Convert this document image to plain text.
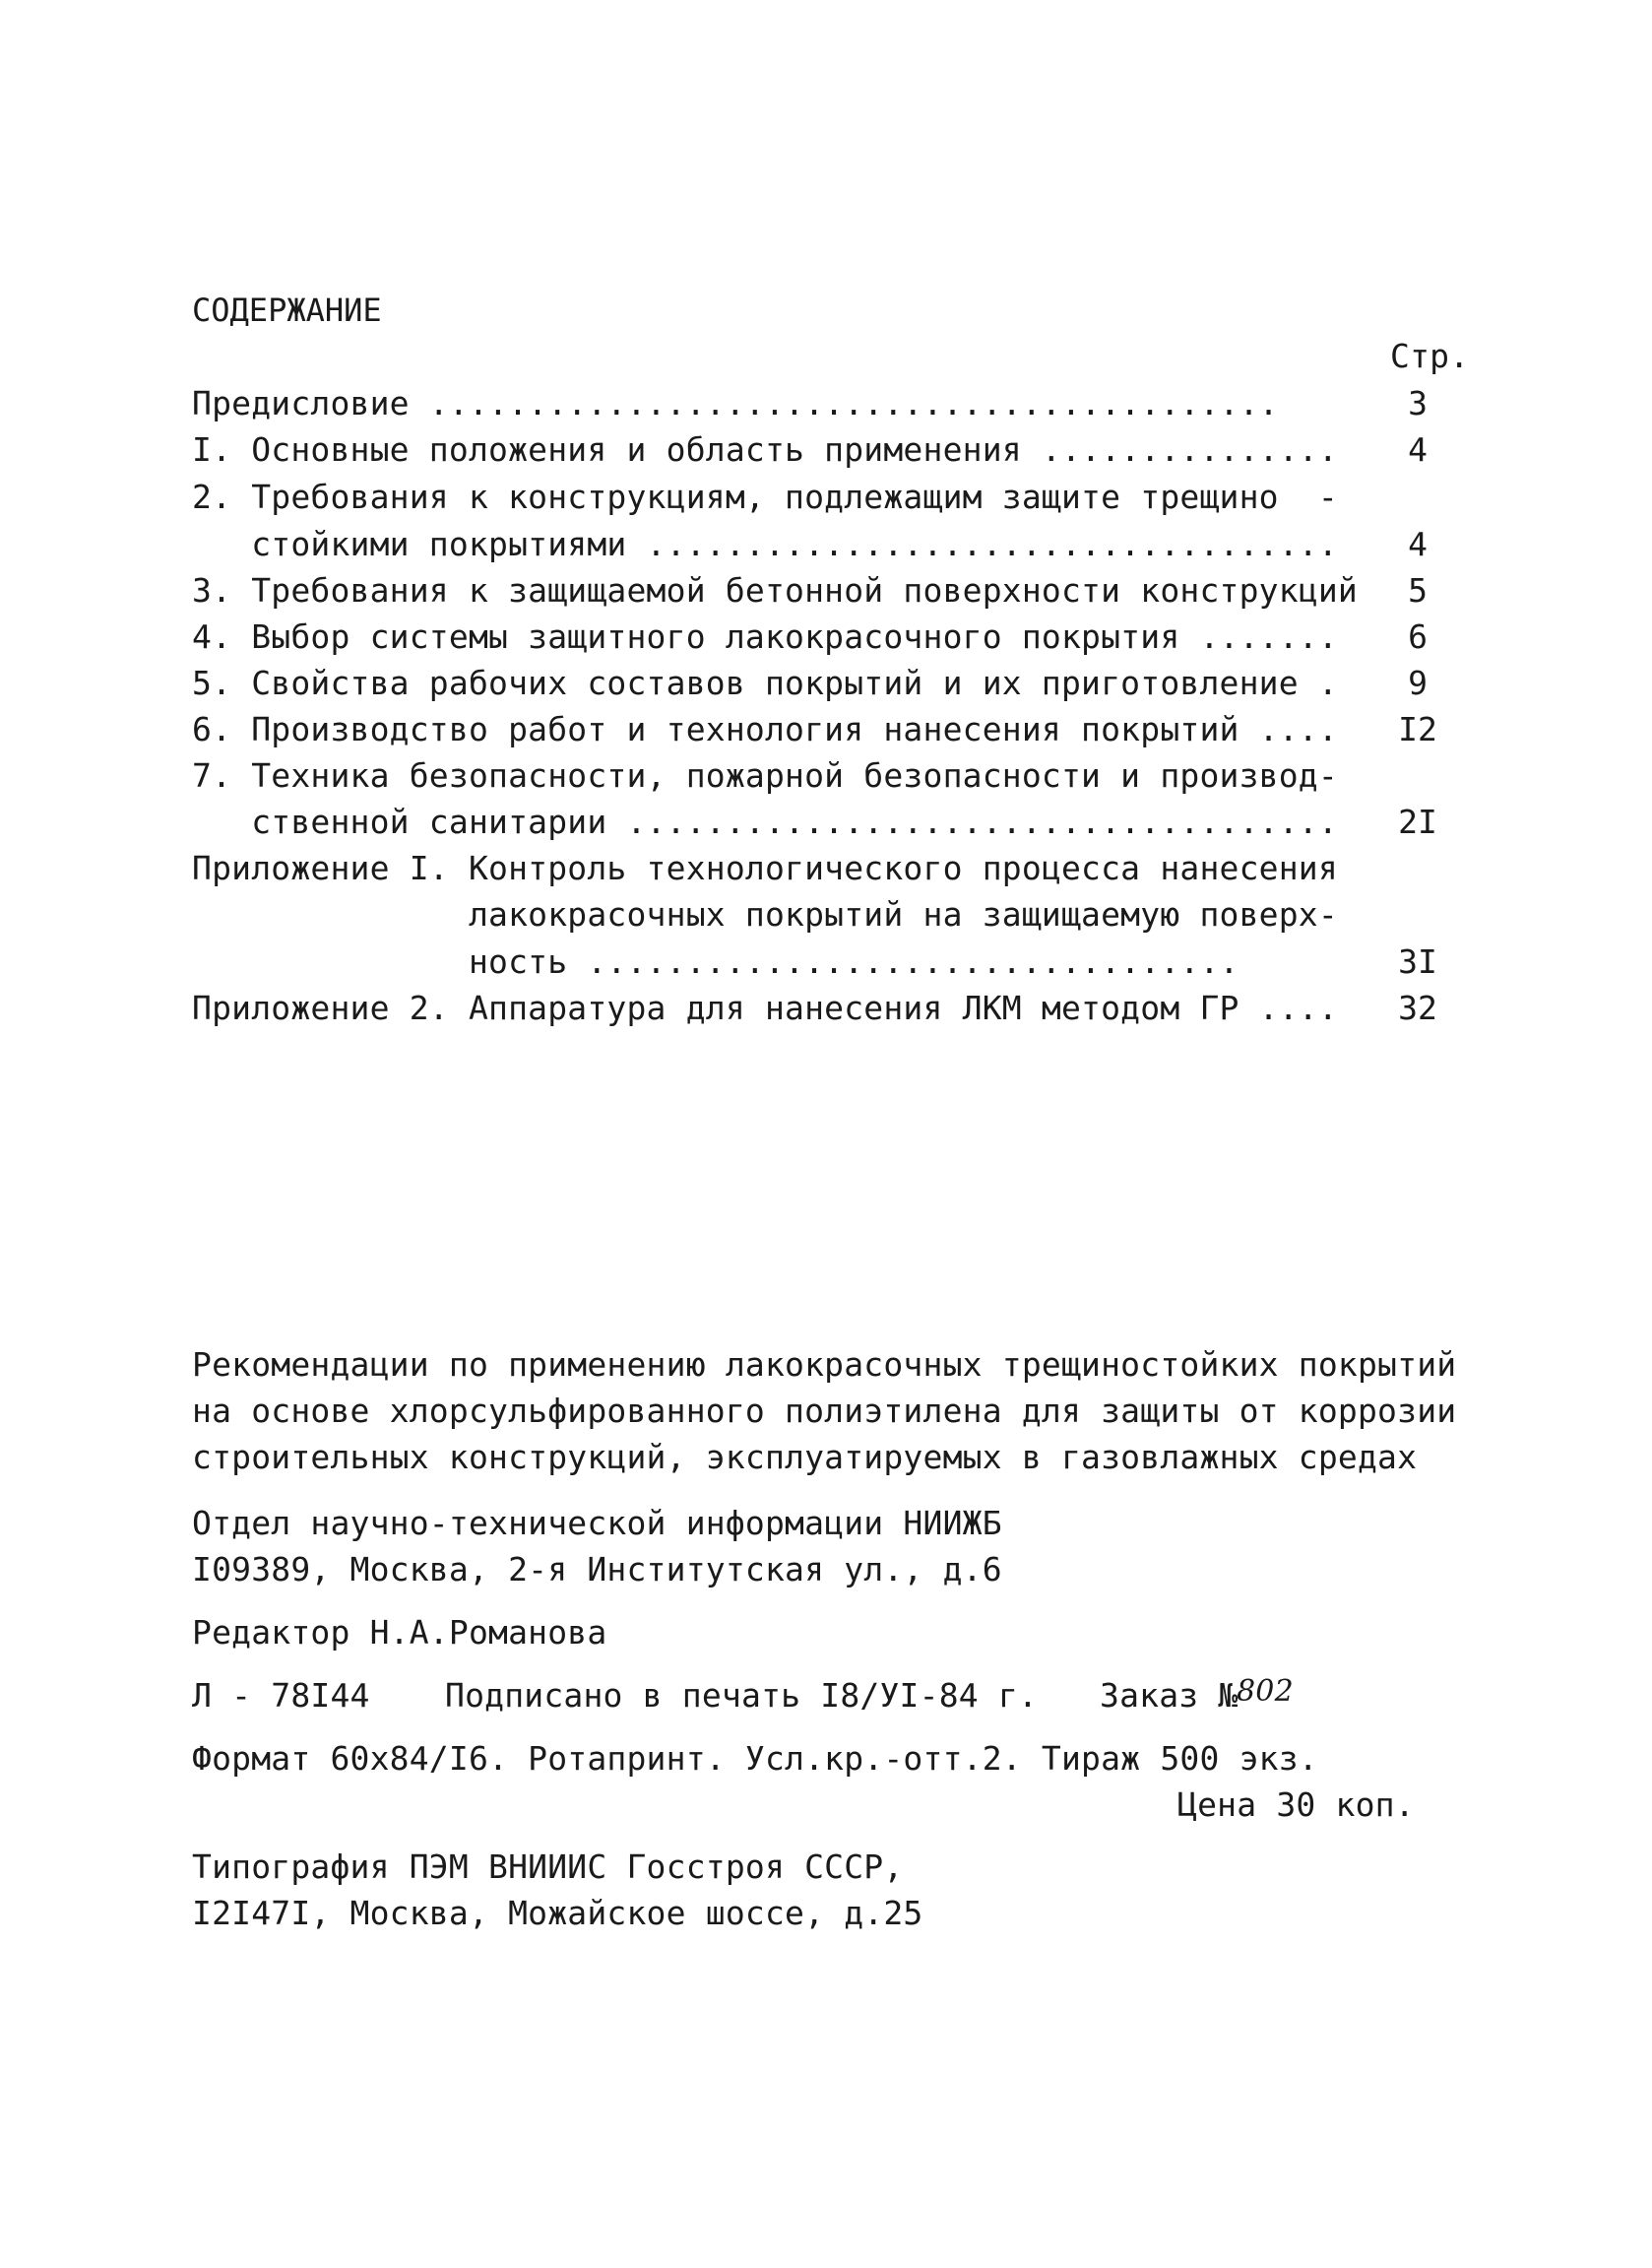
СОДЕРЖАНИЕ
Стр.
Предисловие ...........................................	3
I. Основные положения и область применения ...............	4
2. Требования к конструкциям, подлежащим защите трещино  -
стойкими покрытиями ...................................	4
3. Требования к защищаемой бетонной поверхности конструкций	5
4. Выбор системы защитного лакокрасочного покрытия .......	6
5. Свойства рабочих составов покрытий и их приготовление .	9
6. Производство работ и технология нанесения покрытий ....	I2
7. Техника безопасности, пожарной безопасности и производ-
ственной санитарии ....................................	2I
Приложение I. Контроль технологического процесса нанесения
лакокрасочных покрытий на защищаемую поверх-
ность .................................	3I
Приложение 2. Аппаратура для нанесения ЛКМ методом ГР ....	32
Рекомендации по применению лакокрасочных трещиностойких покрытий
на основе хлорсульфированного полиэтилена для защиты от коррозии
строительных конструкций, эксплуатируемых в газовлажных средах
Отдел научно-технической информации НИИЖБ
I09389, Москва, 2-я Институтская ул., д.6
Редактор Н.А.Романова
Л - 78I44 Подписано в печать I8/УI-84 г. Заказ №
802
Формат 60х84/I6. Ротапринт. Усл.кр.-отт.2. Тираж 500 экз.
Цена 30 коп.
Типография ПЭМ ВНИИИС Госстроя СССР,
I2I47I, Москва, Можайское шоссе, д.25
